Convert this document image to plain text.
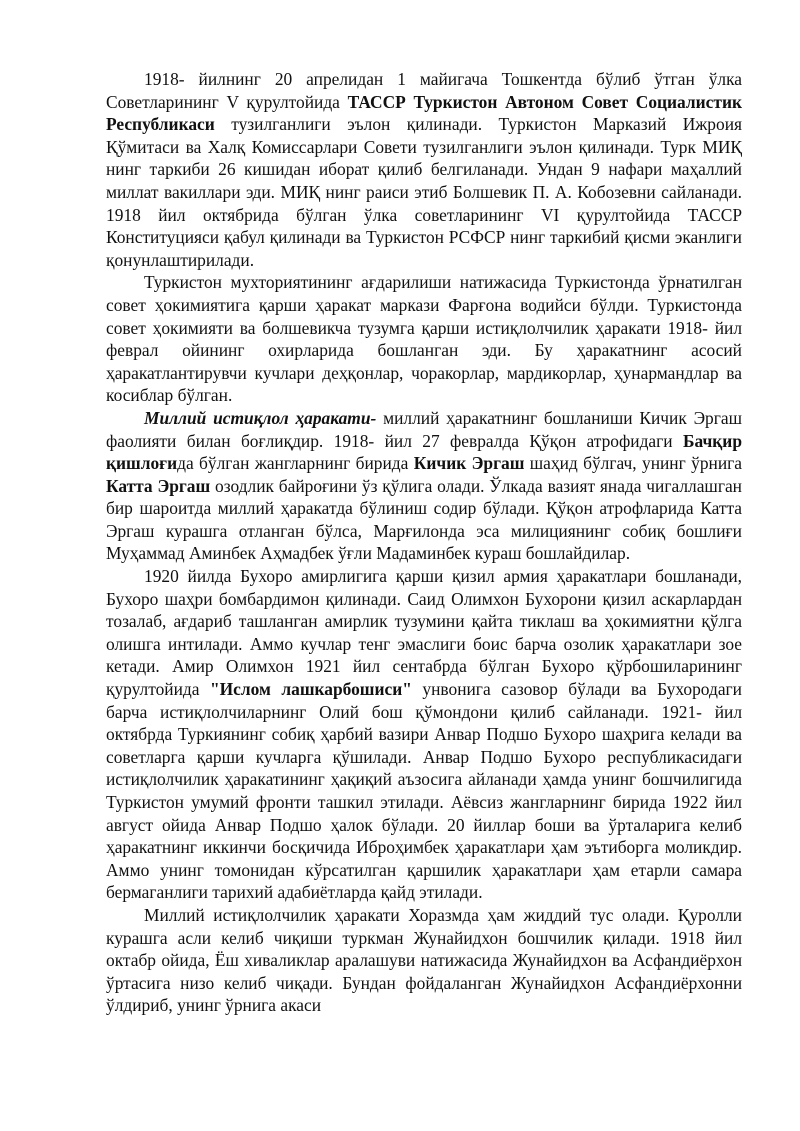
1918- йилнинг 20 апрелидан 1 майигача Тошкентда бўлиб ўтган ўлка Советларининг V қурултойида ТАССР Туркистон Автоном Совет Социалистик Республикаси тузилганлиги эълон қилинади. Туркистон Марказий Ижроия Қўмитаси ва Халқ Комиссарлари Совети тузилганлиги эълон қилинади. Турк МИҚ нинг таркиби 26 кишидан иборат қилиб белгиланади. Ундан 9 нафари маҳаллий миллат вакиллари эди. МИҚ нинг раиси этиб Болшевик П. А. Кобозевни сайланади. 1918 йил октябрида бўлган ўлка советларининг VI қурултойида ТАССР Конституцияси қабул қилинади ва Туркистон РСФСР нинг таркибий қисми эканлиги қонунлаштирилади.

Туркистон мухториятининг ағдарилиши натижасида Туркистонда ўрнатилган совет ҳокимиятига қарши ҳаракат маркази Фарғона водийси бўлди. Туркистонда совет ҳокимияти ва болшевикча тузумга қарши истиқлолчилик ҳаракати 1918- йил феврал ойининг охирларида бошланган эди. Бу ҳаракатнинг асосий ҳаракатлантирувчи кучлари деҳқонлар, чоракорлар, мардикорлар, ҳунармандлар ва косиблар бўлган.

Миллий истиқлол ҳаракати- миллий ҳаракатнинг бошланиши Кичик Эргаш фаолияти билан боғлиқдир. 1918- йил 27 февралда Қўқон атрофидаги Бачқир қишлоғида бўлган жангларнинг бирида Кичик Эргаш шаҳид бўлгач, унинг ўрнига Катта Эргаш озодлик байроғини ўз қўлига олади. Ўлкада вазият янада чигаллашган бир шароитда миллий ҳаракатда бўлиниш содир бўлади. Қўқон атрофларида Катта Эргаш курашга отланган бўлса, Марғилонда эса милициянинг собиқ бошлиғи Муҳаммад Аминбек Аҳмадбек ўғли Мадаминбек кураш бошлайдилар.

1920 йилда Бухоро амирлигига қарши қизил армия ҳаракатлари бошланади, Бухоро шаҳри бомбардимон қилинади. Саид Олимхон Бухорони қизил аскарлардан тозалаб, ағдариб ташланган амирлик тузумини қайта тиклаш ва ҳокимиятни қўлга олишга интилади. Аммо кучлар тенг эмаслиги боис барча озолик ҳаракатлари зое кетади. Амир Олимхон 1921 йил сентабрда бўлган Бухоро қўрбошиларининг қурултойида "Ислом лашкарбошиси" унвонига сазовор бўлади ва Бухородаги барча истиқлолчиларнинг Олий бош қўмондони қилиб сайланади. 1921- йил октябрда Туркиянинг собиқ ҳарбий вазири Анвар Подшо Бухоро шаҳрига келади ва советларга қарши кучларга қўшилади. Анвар Подшо Бухоро республикасидаги истиқлолчилик ҳаракатининг ҳақиқий аъзосига айланади ҳамда унинг бошчилигида Туркистон умумий фронти ташкил этилади. Аёвсиз жангларнинг бирида 1922 йил август ойида Анвар Подшо ҳалок бўлади. 20 йиллар боши ва ўрталарига келиб ҳаракатнинг иккинчи босқичида Иброҳимбек ҳаракатлари ҳам эътиборга моликдир. Аммо унинг томонидан кўрсатилган қаршилик ҳаракатлари ҳам етарли самара бермаганлиги тарихий адабиётларда қайд этилади.

Миллий истиқлолчилик ҳаракати Хоразмда ҳам жиддий тус олади. Қуролли курашга асли келиб чиқиши туркман Жунайидхон бошчилик қилади. 1918 йил октабр ойида, Ёш хиваликлар аралашуви натижасида Жунайидхон ва Асфандиёрхон ўртасига низо келиб чиқади. Бундан фойдаланган Жунайидхон Асфандиёрхонни ўлдириб, унинг ўрнига акаси
